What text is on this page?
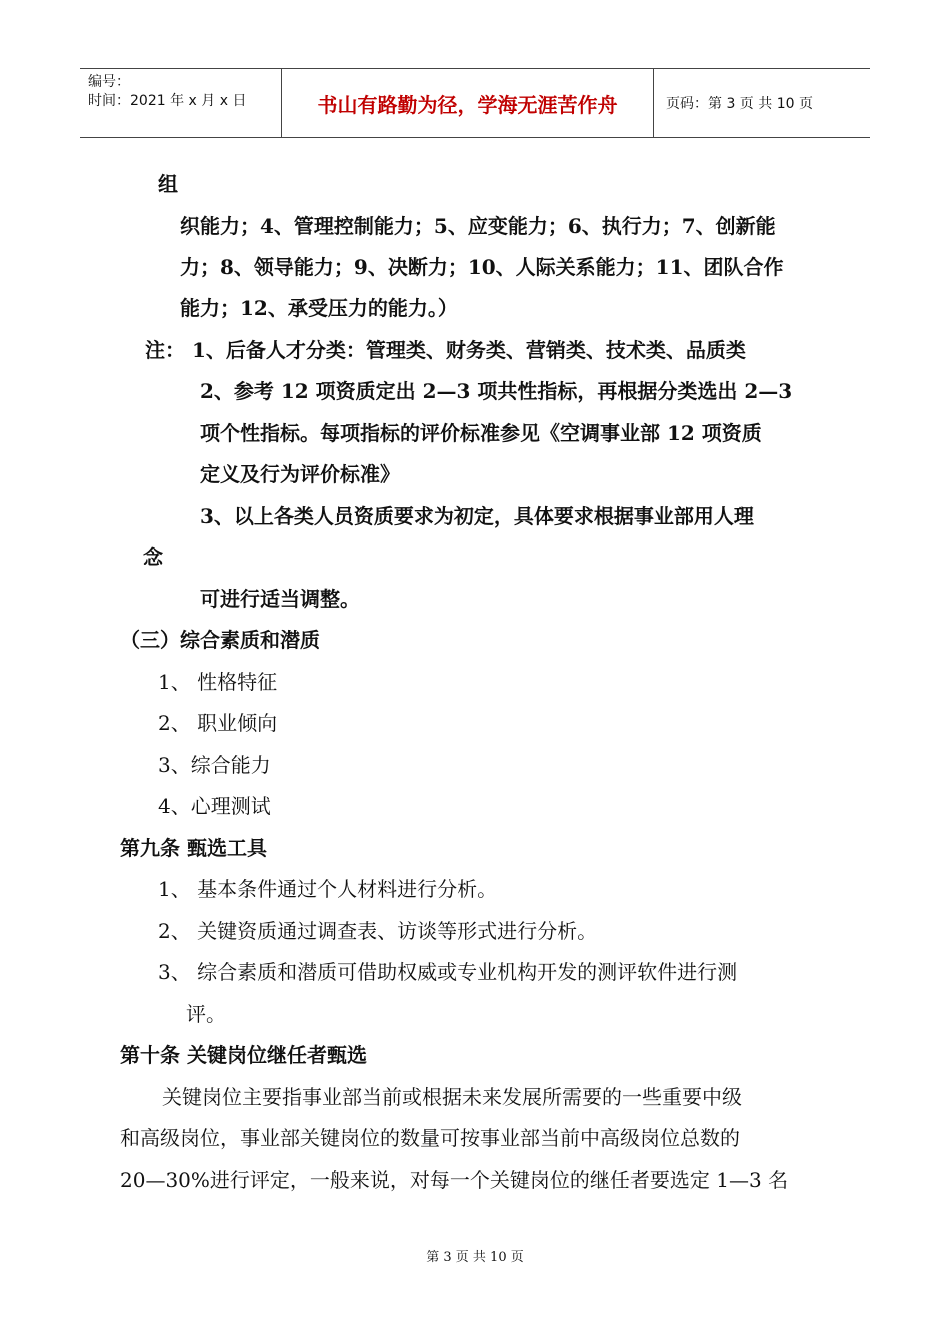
编号：
时间：2021 年 x 月 x 日	书山有路勤为径，学海无涯苦作舟	页码：第 3 页 共 10 页
组
织能力；4、管理控制能力；5、应变能力；6、执行力；7、创新能
力；8、领导能力；9、决断力；10、人际关系能力；11、团队合作
能力；12、承受压力的能力。）
注： 1、后备人才分类：管理类、财务类、营销类、技术类、品质类
2、参考 12 项资质定出 2—3 项共性指标，再根据分类选出 2—3
项个性指标。每项指标的评价标准参见《空调事业部 12 项资质
定义及行为评价标准》
3、以上各类人员资质要求为初定，具体要求根据事业部用人理
念
可进行适当调整。
（三）综合素质和潜质
1、 性格特征
2、 职业倾向
3、综合能力
4、心理测试
第九条 甄选工具
1、 基本条件通过个人材料进行分析。
2、 关键资质通过调查表、访谈等形式进行分析。
3、 综合素质和潜质可借助权威或专业机构开发的测评软件进行测
评。
第十条 关键岗位继任者甄选
关键岗位主要指事业部当前或根据未来发展所需要的一些重要中级
和高级岗位，事业部关键岗位的数量可按事业部当前中高级岗位总数的
20—30%进行评定，一般来说，对每一个关键岗位的继任者要选定 1—3 名
第 3 页 共 10 页
